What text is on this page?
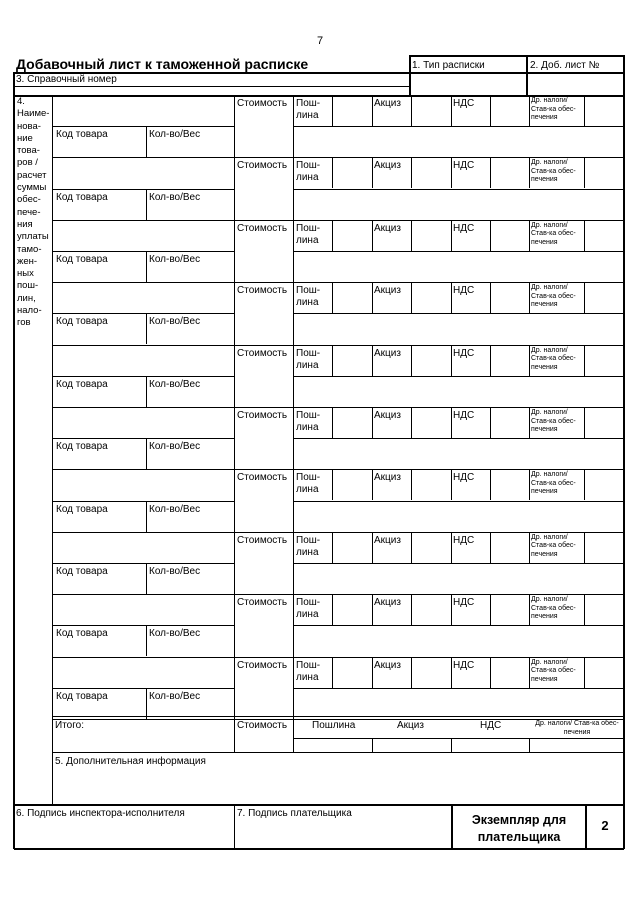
7
Добавочный лист к таможенной расписке	1. Тип расписки	2. Доб. лист №
3. Справочный номер
4.
Наиме-
нова-
ние
това-
ров /
расчет
суммы
обес-
пече-
ния
уплаты
тамо-
жен-
ных
пош-
лин,
нало-
гов
Стоимость Пош-
лина
Акциз	НДС	Др. налоги/
Став-ка обес-
печения
Код товара	Кол-во/Вес
Стоимость Пош-
лина
Акциз	НДС	Др. налоги/
Став-ка обес-
печения
Код товара	Кол-во/Вес
Стоимость Пош-
лина
Акциз	НДС	Др. налоги/
Став-ка обес-
печения
Код товара	Кол-во/Вес
Стоимость Пош-
лина
Акциз	НДС	Др. налоги/
Став-ка обес-
печения
Код товара	Кол-во/Вес
Стоимость Пош-
лина
Акциз	НДС	Др. налоги/
Став-ка обес-
печения
Код товара	Кол-во/Вес
Стоимость Пош-
лина
Акциз	НДС	Др. налоги/
Став-ка обес-
печения
Код товара	Кол-во/Вес
Стоимость Пош-
лина
Акциз	НДС	Др. налоги/
Став-ка обес-
печения
Код товара	Кол-во/Вес
Стоимость Пош-
лина
Акциз	НДС	Др. налоги/
Став-ка обес-
печения
Код товара	Кол-во/Вес
Стоимость Пош-
лина
Акциз	НДС	Др. налоги/
Став-ка обес-
печения
Код товара	Кол-во/Вес
Стоимость Пош-
лина
Акциз	НДС	Др. налоги/
Став-ка обес-
печения
Код товара	Кол-во/Вес
Итого:	Стоимость Пошлина	Акциз	НДС	Др. налоги/ Став-ка обес-
печения
5. Дополнительная информация
6. Подпись инспектора-исполнителя	7. Подпись плательщика	Экземпляр для
плательщика
2
